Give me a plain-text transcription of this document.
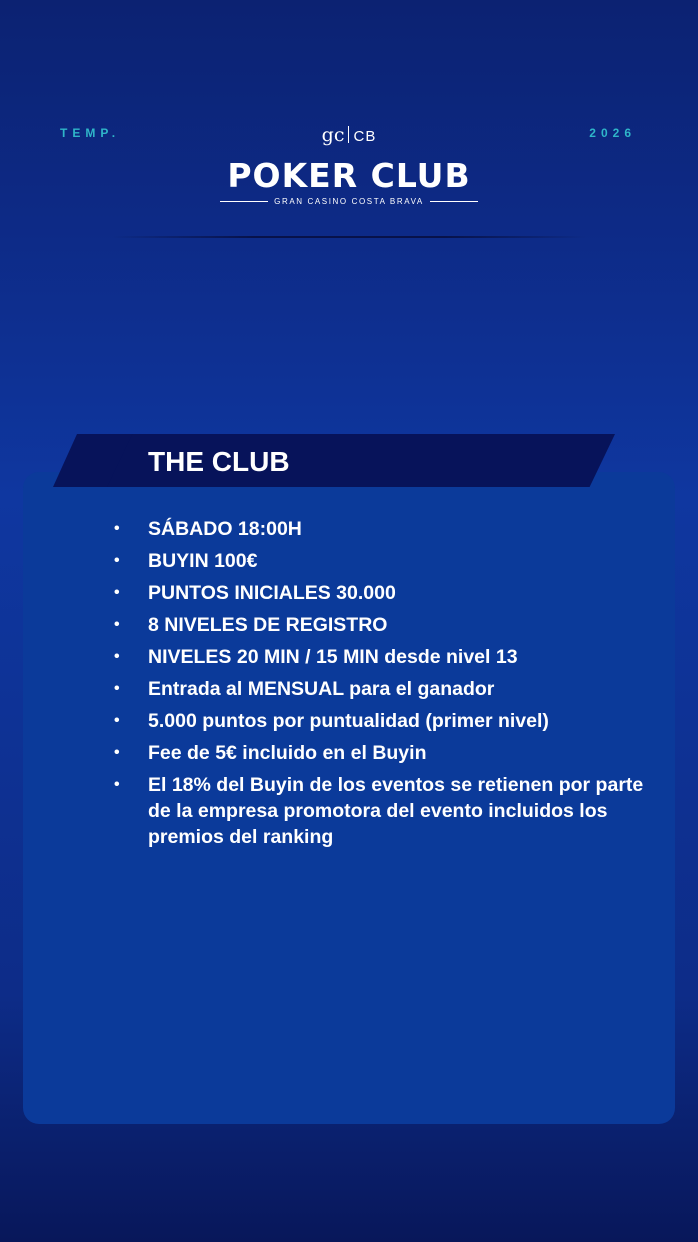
TEMP.	2026
gc CB
POKER CLUB
GRAN CASINO COSTA BRAVA
THE CLUB
• SÁBADO 18:00H
• BUYIN 100€
• PUNTOS INICIALES 30.000
• 8 NIVELES DE REGISTRO
• NIVELES 20 MIN / 15 MIN desde nivel 13
• Entrada al MENSUAL para el ganador
• 5.000 puntos por puntualidad (primer nivel)
• Fee de 5€ incluido en el Buyin
• El 18% del Buyin de los eventos se retienen por parte de la empresa promotora del evento incluidos los premios del ranking
